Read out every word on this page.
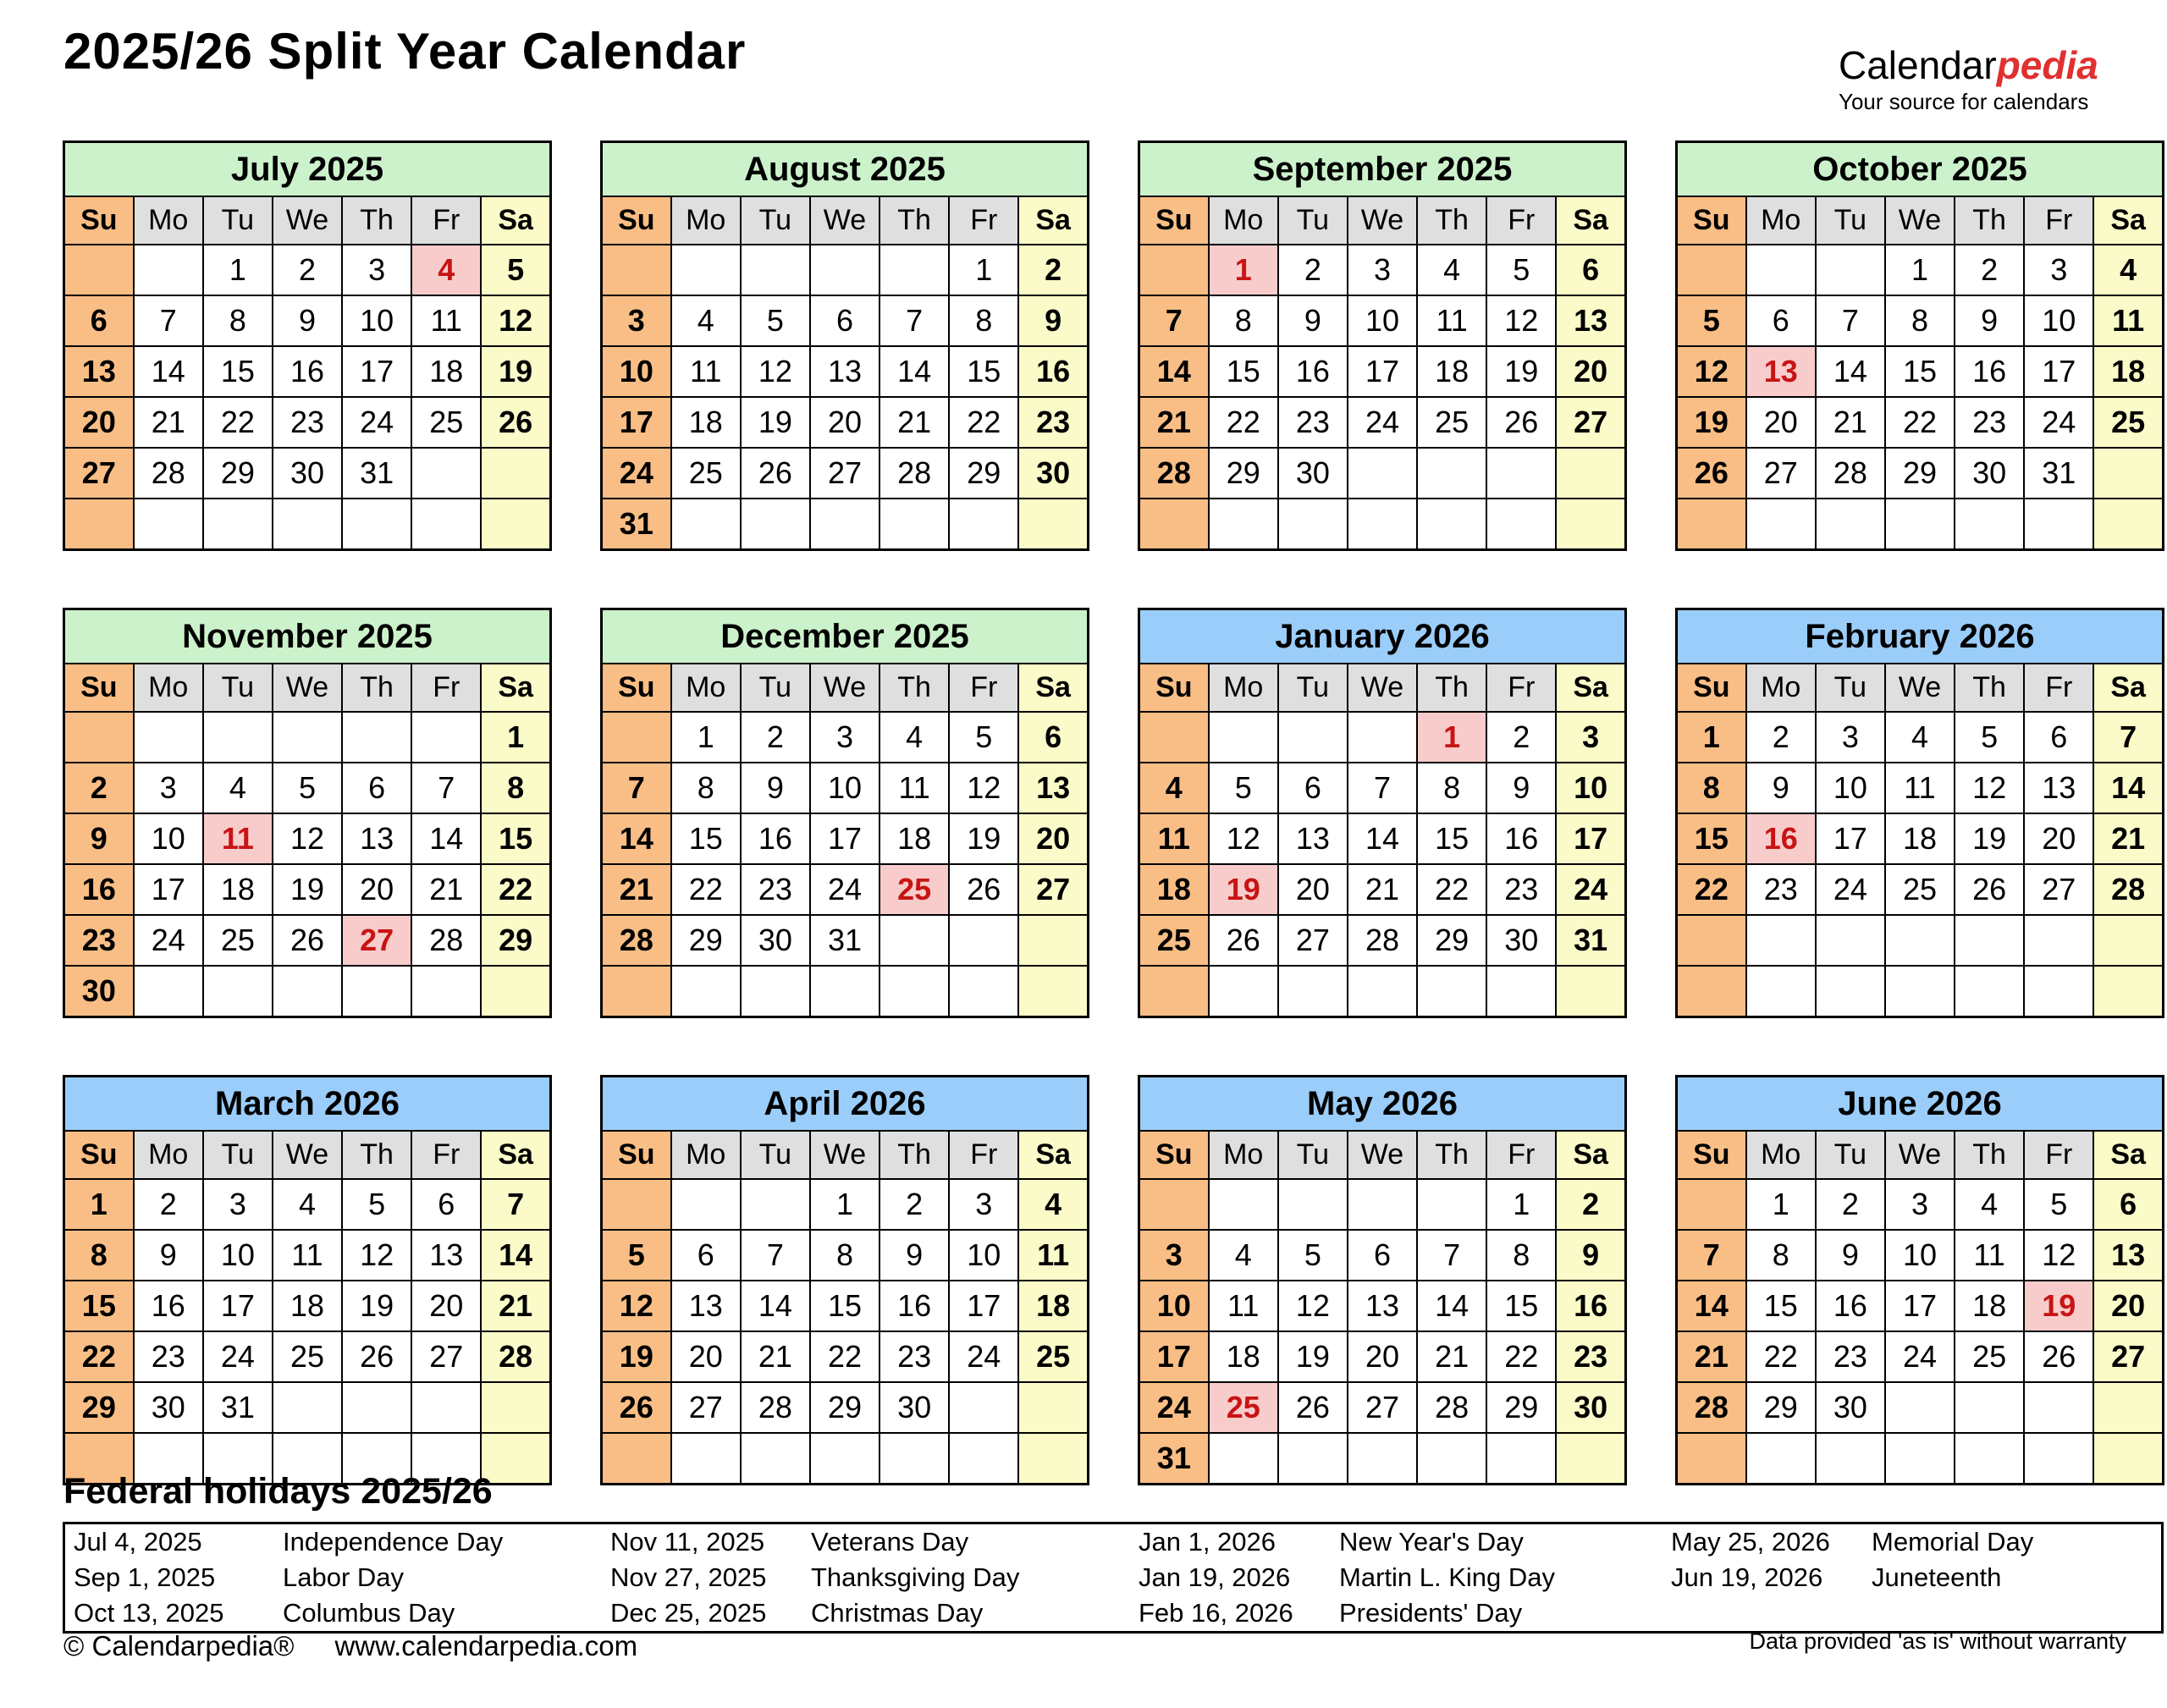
2025/26 Split Year Calendar	Calendarpedia
Your source for calendars
July 2025						
Su	Mo	Tu	We	Th	Fr	Sa
		1	2	3	4	5
6	7	8	9	10	11	12
13	14	15	16	17	18	19
20	21	22	23	24	25	26
27	28	29	30	31		

August 2025						
Su	Mo	Tu	We	Th	Fr	Sa
					1	2
3	4	5	6	7	8	9
10	11	12	13	14	15	16
17	18	19	20	21	22	23
24	25	26	27	28	29	30
31						
September 2025						
Su	Mo	Tu	We	Th	Fr	Sa
	1	2	3	4	5	6
7	8	9	10	11	12	13
14	15	16	17	18	19	20
21	22	23	24	25	26	27
28	29	30				

October 2025						
Su	Mo	Tu	We	Th	Fr	Sa
			1	2	3	4
5	6	7	8	9	10	11
12	13	14	15	16	17	18
19	20	21	22	23	24	25
26	27	28	29	30	31	

November 2025						
Su	Mo	Tu	We	Th	Fr	Sa
						1
2	3	4	5	6	7	8
9	10	11	12	13	14	15
16	17	18	19	20	21	22
23	24	25	26	27	28	29
30						
December 2025						
Su	Mo	Tu	We	Th	Fr	Sa
	1	2	3	4	5	6
7	8	9	10	11	12	13
14	15	16	17	18	19	20
21	22	23	24	25	26	27
28	29	30	31			

January 2026						
Su	Mo	Tu	We	Th	Fr	Sa
				1	2	3
4	5	6	7	8	9	10
11	12	13	14	15	16	17
18	19	20	21	22	23	24
25	26	27	28	29	30	31

February 2026						
Su	Mo	Tu	We	Th	Fr	Sa
1	2	3	4	5	6	7
8	9	10	11	12	13	14
15	16	17	18	19	20	21
22	23	24	25	26	27	28

March 2026						
Su	Mo	Tu	We	Th	Fr	Sa
1	2	3	4	5	6	7
8	9	10	11	12	13	14
15	16	17	18	19	20	21
22	23	24	25	26	27	28
29	30	31				

April 2026						
Su	Mo	Tu	We	Th	Fr	Sa
			1	2	3	4
5	6	7	8	9	10	11
12	13	14	15	16	17	18
19	20	21	22	23	24	25
26	27	28	29	30		

May 2026						
Su	Mo	Tu	We	Th	Fr	Sa
					1	2
3	4	5	6	7	8	9
10	11	12	13	14	15	16
17	18	19	20	21	22	23
24	25	26	27	28	29	30
31						
June 2026						
Su	Mo	Tu	We	Th	Fr	Sa
	1	2	3	4	5	6
7	8	9	10	11	12	13
14	15	16	17	18	19	20
21	22	23	24	25	26	27
28	29	30				

Federal holidays 2025/26
Jul 4, 2025	Independence Day	Nov 11, 2025	Veterans Day	Jan 1, 2026	New Year's Day	May 25, 2026	Memorial Day
Sep 1, 2025	Labor Day	Nov 27, 2025	Thanksgiving Day	Jan 19, 2026	Martin L. King Day	Jun 19, 2026	Juneteenth
Oct 13, 2025	Columbus Day	Dec 25, 2025	Christmas Day	Feb 16, 2026	Presidents' Day		
© Calendarpedia® www.calendarpedia.com	Data provided 'as is' without warranty
